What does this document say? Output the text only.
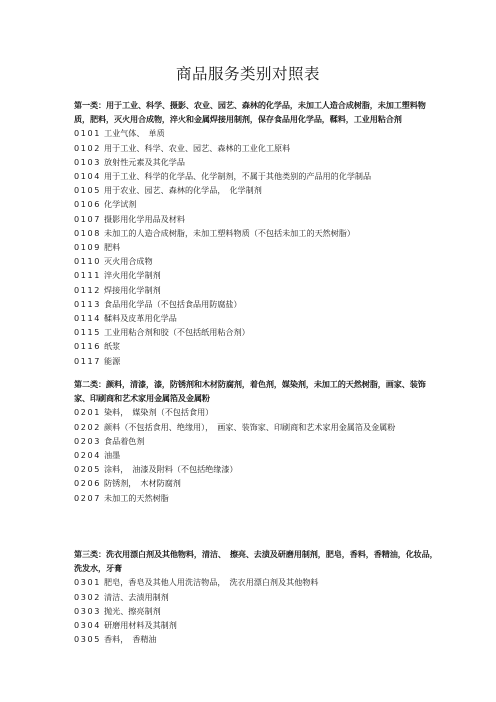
商品服务类别对照表
第一类：用于工业、科学、摄影、农业、园艺、森林的化学品，未加工人造合成树脂，未加工塑料物质，肥料，灭火用合成物，淬火和金属焊接用制剂，保存食品用化学品，鞣料，工业用粘合剂
0101 工业气体、　单质
0102 用于工业、科学、农业、园艺、森林的工业化工原料
0103 放射性元素及其化学品
0104 用于工业、科学的化学品、化学制剂，不属于其他类别的产品用的化学制品
0105 用于农业、园艺、森林的化学品，　化学制剂
0106 化学试剂
0107 摄影用化学用品及材料
0108 未加工的人造合成树脂，未加工塑料物质（不包括未加工的天然树脂）
0109 肥料
0110 灭火用合成物
0111 淬火用化学制剂
0112 焊接用化学制剂
0113 食品用化学品（不包括食品用防腐盐）
0114 鞣料及皮革用化学品
0115 工业用粘合剂和胶（不包括纸用粘合剂）
0116 纸浆
0117 能源
第二类：颜料，清漆，漆，防锈剂和木材防腐剂，着色剂，媒染剂，未加工的天然树脂，画家、装饰家、印刷商和艺术家用金属箔及金属粉
0201 染料，　媒染剂（不包括食用）
0202 颜料（不包括食用、绝缘用），　画家、装饰家、印刷商和艺术家用金属箔及金属粉
0203 食品着色剂
0204 油墨
0205 涂料，　油漆及附料（不包括绝缘漆）
0206 防锈剂，　木材防腐剂
0207 未加工的天然树脂
第三类：洗衣用漂白剂及其他物料，清洁、　擦亮、去渍及研磨用制剂，肥皂，香料，香精油，化妆品，洗发水，牙膏
0301 肥皂，香皂及其他人用洗洁物品，　洗衣用漂白剂及其他物料
0302 清洁、去渍用制剂
0303 抛光、擦亮制剂
0304 研磨用材料及其制剂
0305 香料，　香精油
